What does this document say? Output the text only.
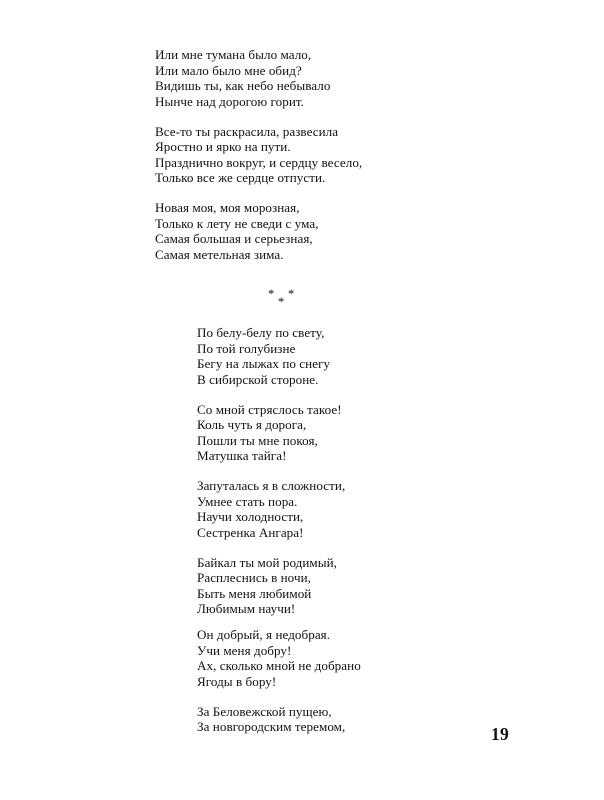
Или мне тумана было мало,
Или мало было мне обид?
Видишь ты, как небо небывало
Нынче над дорогою горит.
Все-то ты раскрасила, развесила
Яростно и ярко на пути.
Празднично вокруг, и сердцу весело,
Только все же сердце отпусти.
Новая моя, моя морозная,
Только к лету не сведи с ума,
Самая большая и серьезная,
Самая метельная зима.
* *
*
По белу-белу по свету,
По той голубизне
Бегу на лыжах по снегу
В сибирской стороне.
Со мной стряслось такое!
Коль чуть я дорога,
Пошли ты мне покоя,
Матушка тайга!
Запуталась я в сложности,
Умнее стать пора.
Научи холодности,
Сестренка Ангара!
Байкал ты мой родимый,
Расплеснись в ночи,
Быть меня любимой
Любимым научи!
Он добрый, я недобрая.
Учи меня добру!
Ах, сколько мной не добрано
Ягоды в бору!
За Беловежской пущею,
За новгородским теремом,	19
